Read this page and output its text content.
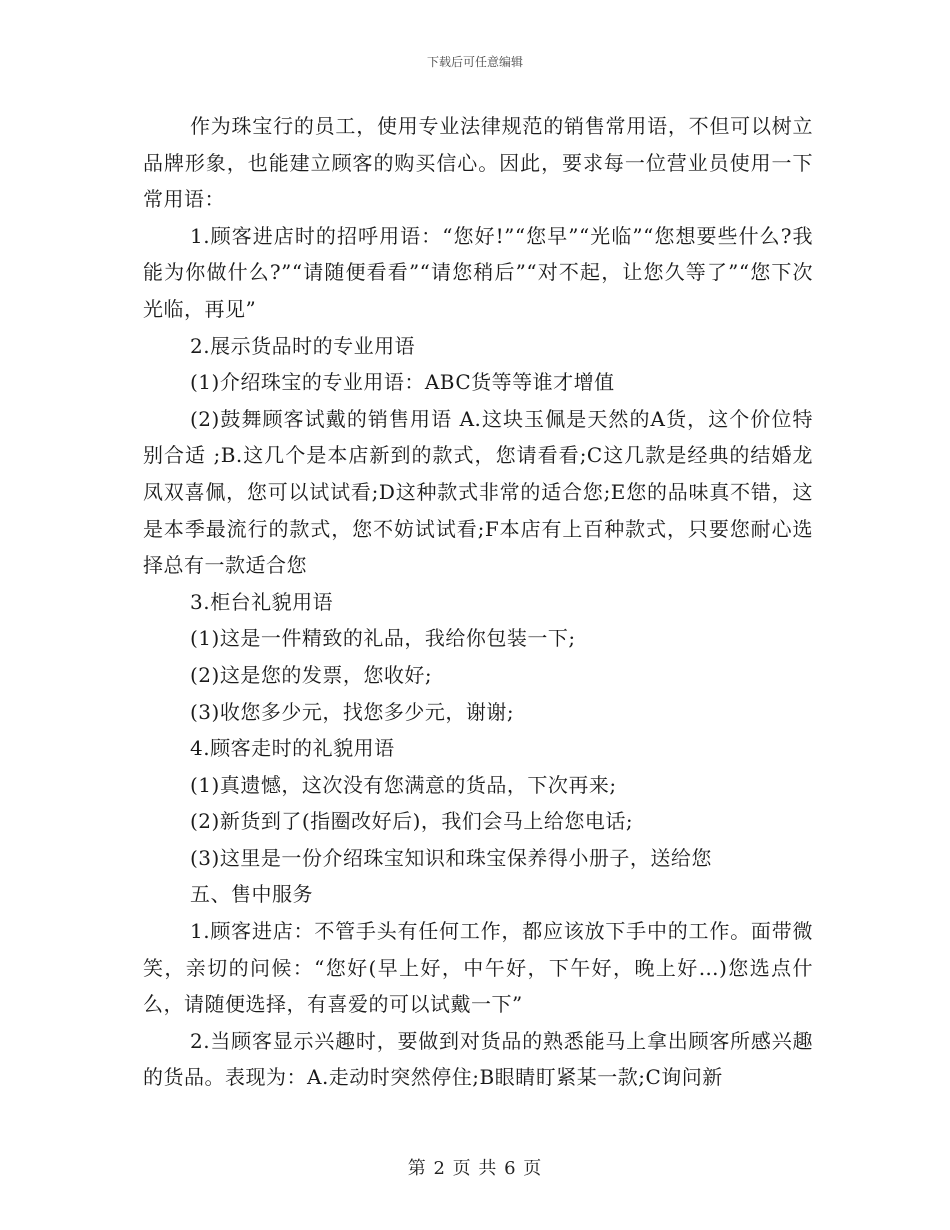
下载后可任意编辑

作为珠宝行的员工，使用专业法律规范的销售常用语，不但可以树立品牌形象，也能建立顾客的购买信心。因此，要求每一位营业员使用一下常用语：

1.顾客进店时的招呼用语：“您好!”“您早”“光临”“您想要些什么?我能为你做什么?”“请随便看看”“请您稍后”“对不起，让您久等了”“您下次光临，再见”

2.展示货品时的专业用语

(1)介绍珠宝的专业用语：ABC货等等谁才增值

(2)鼓舞顾客试戴的销售用语 A.这块玉佩是天然的A货，这个价位特别合适 ;B.这几个是本店新到的款式，您请看看;C这几款是经典的结婚龙凤双喜佩，您可以试试看;D这种款式非常的适合您;E您的品味真不错，这是本季最流行的款式，您不妨试试看;F本店有上百种款式，只要您耐心选择总有一款适合您

3.柜台礼貌用语

(1)这是一件精致的礼品，我给你包装一下;

(2)这是您的发票，您收好;

(3)收您多少元，找您多少元，谢谢;

4.顾客走时的礼貌用语

(1)真遗憾，这次没有您满意的货品，下次再来;

(2)新货到了(指圈改好后)，我们会马上给您电话;

(3)这里是一份介绍珠宝知识和珠宝保养得小册子，送给您

五、售中服务

1.顾客进店：不管手头有任何工作，都应该放下手中的工作。面带微笑，亲切的问候：“您好(早上好，中午好，下午好，晚上好…)您选点什么，请随便选择，有喜爱的可以试戴一下”

2.当顾客显示兴趣时，要做到对货品的熟悉能马上拿出顾客所感兴趣的货品。表现为：A.走动时突然停住;B眼睛盯紧某一款;C询问新

第 2 页 共 6 页
